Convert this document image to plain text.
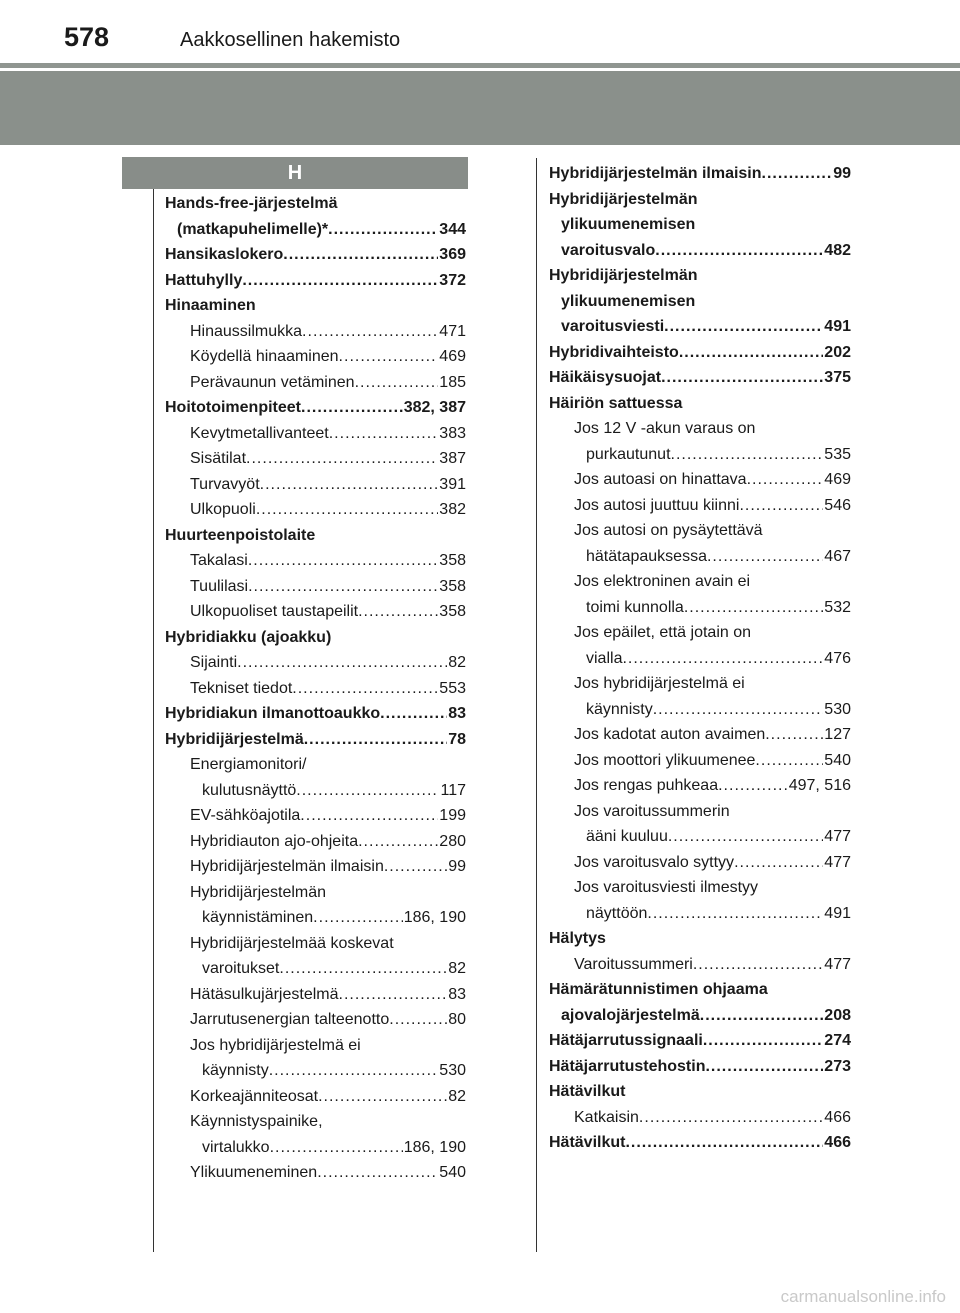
578	Aakkosellinen hakemisto
H
Hands-free-järjestelmä
(matkapuhelimelle)* .....	344
Hansikaslokero .....	369
Hattuhylly .....	372
Hinaaminen
Hinaussilmukka .....	471
Köydellä hinaaminen .....	469
Perävaunun vetäminen .....	185
Hoitotoimenpiteet .....	382, 387
Kevytmetallivanteet .....	383
Sisätilat .....	387
Turvavyöt .....	391
Ulkopuoli .....	382
Huurteenpoistolaite
Takalasi .....	358
Tuulilasi .....	358
Ulkopuoliset taustapeilit .....	358
Hybridiakku (ajoakku)
Sijainti .....	82
Tekniset tiedot .....	553
Hybridiakun ilmanottoaukko .....	83
Hybridijärjestelmä .....	78
Energiamonitori/
kulutusnäyttö .....	117
EV-sähköajotila .....	199
Hybridiauton ajo-ohjeita .....	280
Hybridijärjestelmän ilmaisin .....	99
Hybridijärjestelmän
käynnistäminen .....	186, 190
Hybridijärjestelmää koskevat
varoitukset .....	82
Hätäsulkujärjestelmä .....	83
Jarrutusenergian talteenotto .....	80
Jos hybridijärjestelmä ei
käynnisty .....	530
Korkeajänniteosat .....	82
Käynnistyspainike,
virtalukko .....	186, 190
Ylikuumeneminen .....	540
Hybridijärjestelmän ilmaisin .....	99
Hybridijärjestelmän
ylikuumenemisen
varoitusvalo .....	482
Hybridijärjestelmän
ylikuumenemisen
varoitusviesti .....	491
Hybridivaihteisto .....	202
Häikäisysuojat .....	375
Häiriön sattuessa
Jos 12 V -akun varaus on
purkautunut .....	535
Jos autoasi on hinattava .....	469
Jos autosi juuttuu kiinni .....	546
Jos autosi on pysäytettävä
hätätapauksessa .....	467
Jos elektroninen avain ei
toimi kunnolla .....	532
Jos epäilet, että jotain on
vialla .....	476
Jos hybridijärjestelmä ei
käynnisty .....	530
Jos kadotat auton avaimen .....	127
Jos moottori ylikuumenee .....	540
Jos rengas puhkeaa .....	497, 516
Jos varoitussummerin
ääni kuuluu .....	477
Jos varoitusvalo syttyy .....	477
Jos varoitusviesti ilmestyy
näyttöön .....	491
Hälytys
Varoitussummeri .....	477
Hämärätunnistimen ohjaama
ajovalojärjestelmä .....	208
Hätäjarrutussignaali .....	274
Hätäjarrutustehostin .....	273
Hätävilkut
Katkaisin .....	466
Hätävilkut .....	466
carmanualsonline.info
